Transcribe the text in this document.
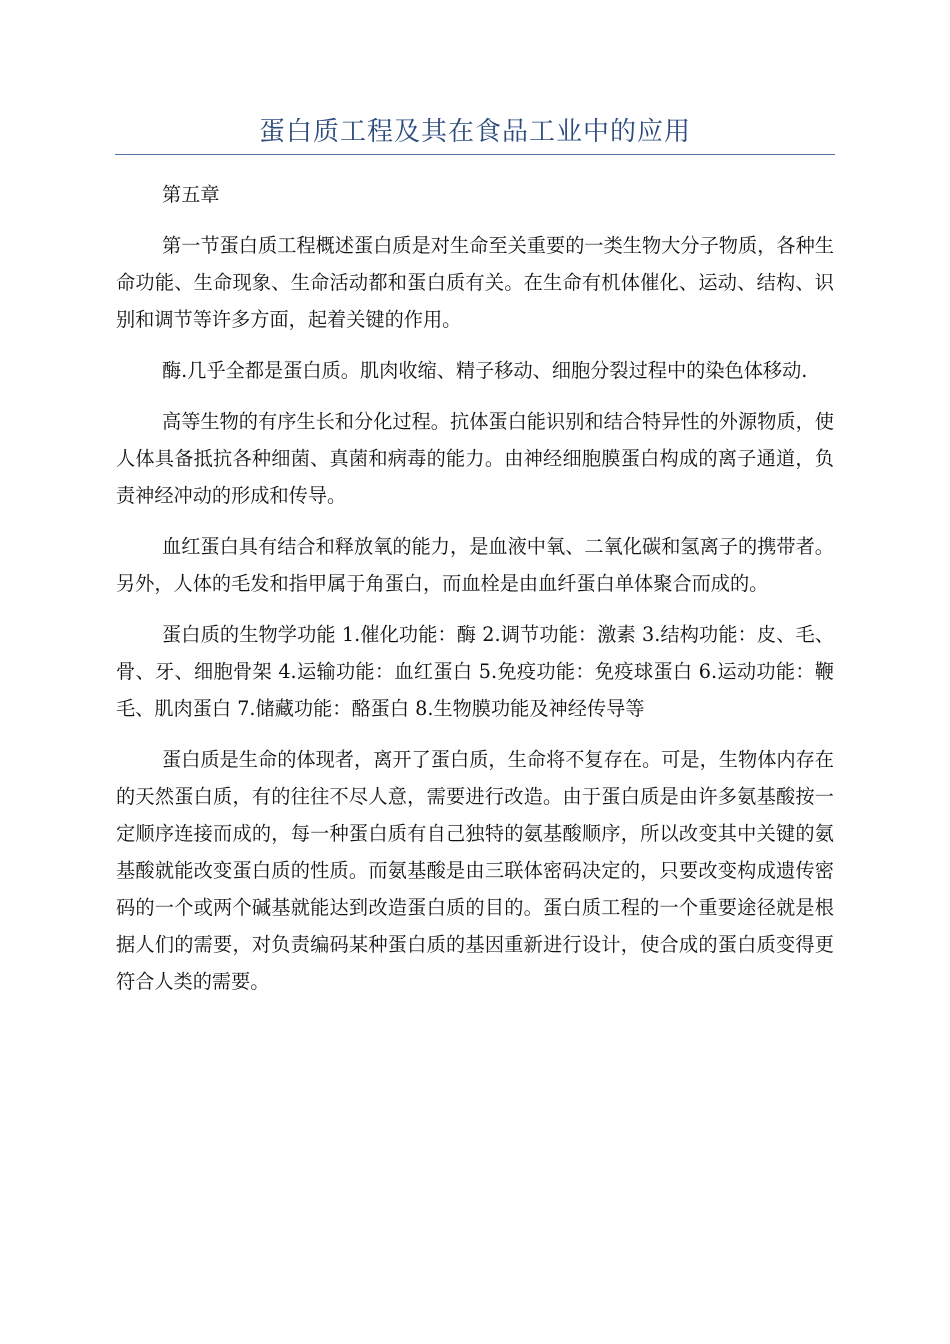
蛋白质工程及其在食品工业中的应用

第五章

第一节蛋白质工程概述蛋白质是对生命至关重要的一类生物大分子物质，各种生命功能、生命现象、生命活动都和蛋白质有关。在生命有机体催化、运动、结构、识别和调节等许多方面，起着关键的作用。

酶.几乎全都是蛋白质。肌肉收缩、精子移动、细胞分裂过程中的染色体移动.

高等生物的有序生长和分化过程。抗体蛋白能识别和结合特异性的外源物质，使人体具备抵抗各种细菌、真菌和病毒的能力。由神经细胞膜蛋白构成的离子通道，负责神经冲动的形成和传导。

血红蛋白具有结合和释放氧的能力，是血液中氧、二氧化碳和氢离子的携带者。另外，人体的毛发和指甲属于角蛋白，而血栓是由血纤蛋白单体聚合而成的。

蛋白质的生物学功能 1.催化功能：酶 2.调节功能：激素 3.结构功能：皮、毛、骨、牙、细胞骨架 4.运输功能：血红蛋白 5.免疫功能：免疫球蛋白 6.运动功能：鞭毛、肌肉蛋白 7.储藏功能：酪蛋白 8.生物膜功能及神经传导等

蛋白质是生命的体现者，离开了蛋白质，生命将不复存在。可是，生物体内存在的天然蛋白质，有的往往不尽人意，需要进行改造。由于蛋白质是由许多氨基酸按一定顺序连接而成的，每一种蛋白质有自己独特的氨基酸顺序，所以改变其中关键的氨基酸就能改变蛋白质的性质。而氨基酸是由三联体密码决定的，只要改变构成遗传密码的一个或两个碱基就能达到改造蛋白质的目的。蛋白质工程的一个重要途径就是根据人们的需要，对负责编码某种蛋白质的基因重新进行设计，使合成的蛋白质变得更符合人类的需要。
